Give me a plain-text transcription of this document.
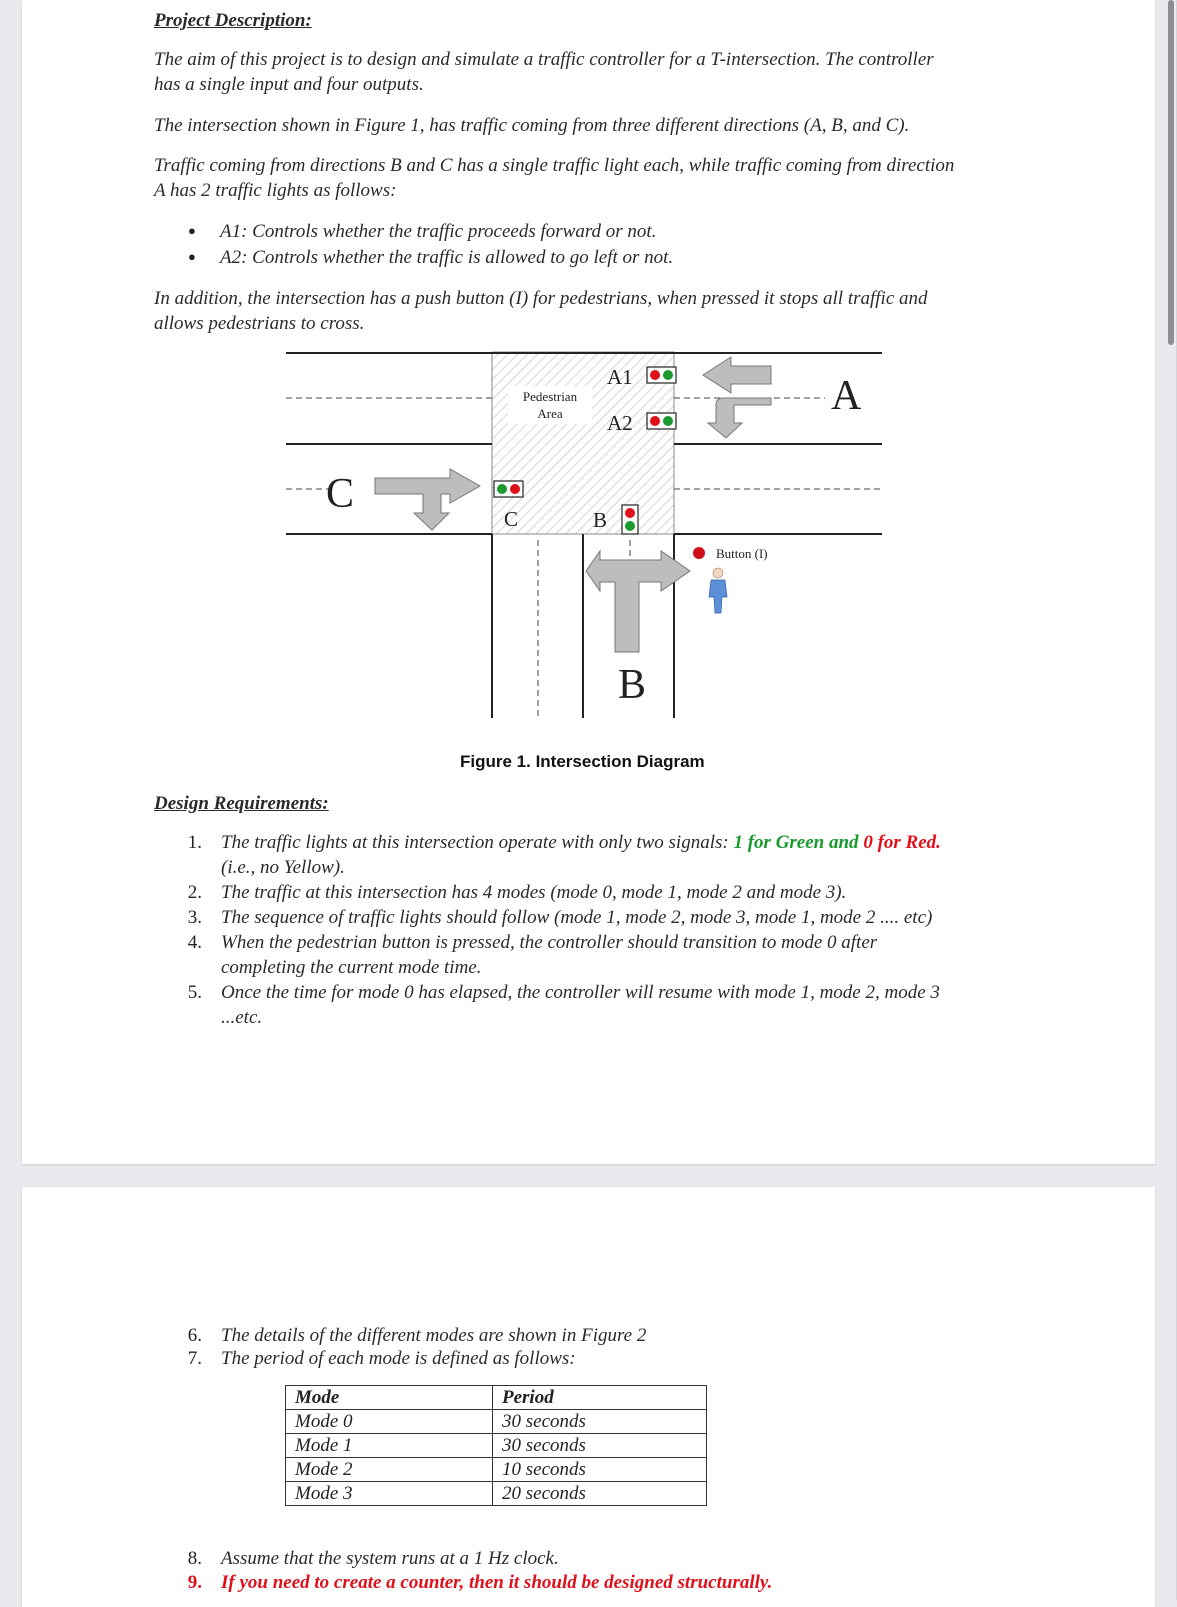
Project Description:
The aim of this project is to design and simulate a traffic controller for a T-intersection. The controller
has a single input and four outputs.
The intersection shown in Figure 1, has traffic coming from three different directions (A, B, and C).
Traffic coming from directions B and C has a single traffic light each, while traffic coming from direction
A has 2 traffic lights as follows:
● A1: Controls whether the traffic proceeds forward or not.
● A2: Controls whether the traffic is allowed to go left or not.
In addition, the intersection has a push button (I) for pedestrians, when pressed it stops all traffic and
allows pedestrians to cross.
Pedestrian
Area
A1
A2
A
C
C	B
B
Button (I)
Figure 1. Intersection Diagram
Design Requirements:
1. The traffic lights at this intersection operate with only two signals: 1 for Green and 0 for Red.
(i.e., no Yellow).
2. The traffic at this intersection has 4 modes (mode 0, mode 1, mode 2 and mode 3).
3. The sequence of traffic lights should follow (mode 1, mode 2, mode 3, mode 1, mode 2 .... etc)
4. When the pedestrian button is pressed, the controller should transition to mode 0 after
completing the current mode time.
5. Once the time for mode 0 has elapsed, the controller will resume with mode 1, mode 2, mode 3
...etc.
6. The details of the different modes are shown in Figure 2
7. The period of each mode is defined as follows:
Mode	Period
Mode 0	30 seconds
Mode 1	30 seconds
Mode 2	10 seconds
Mode 3	20 seconds
8. Assume that the system runs at a 1 Hz clock.
9. If you need to create a counter, then it should be designed structurally.
